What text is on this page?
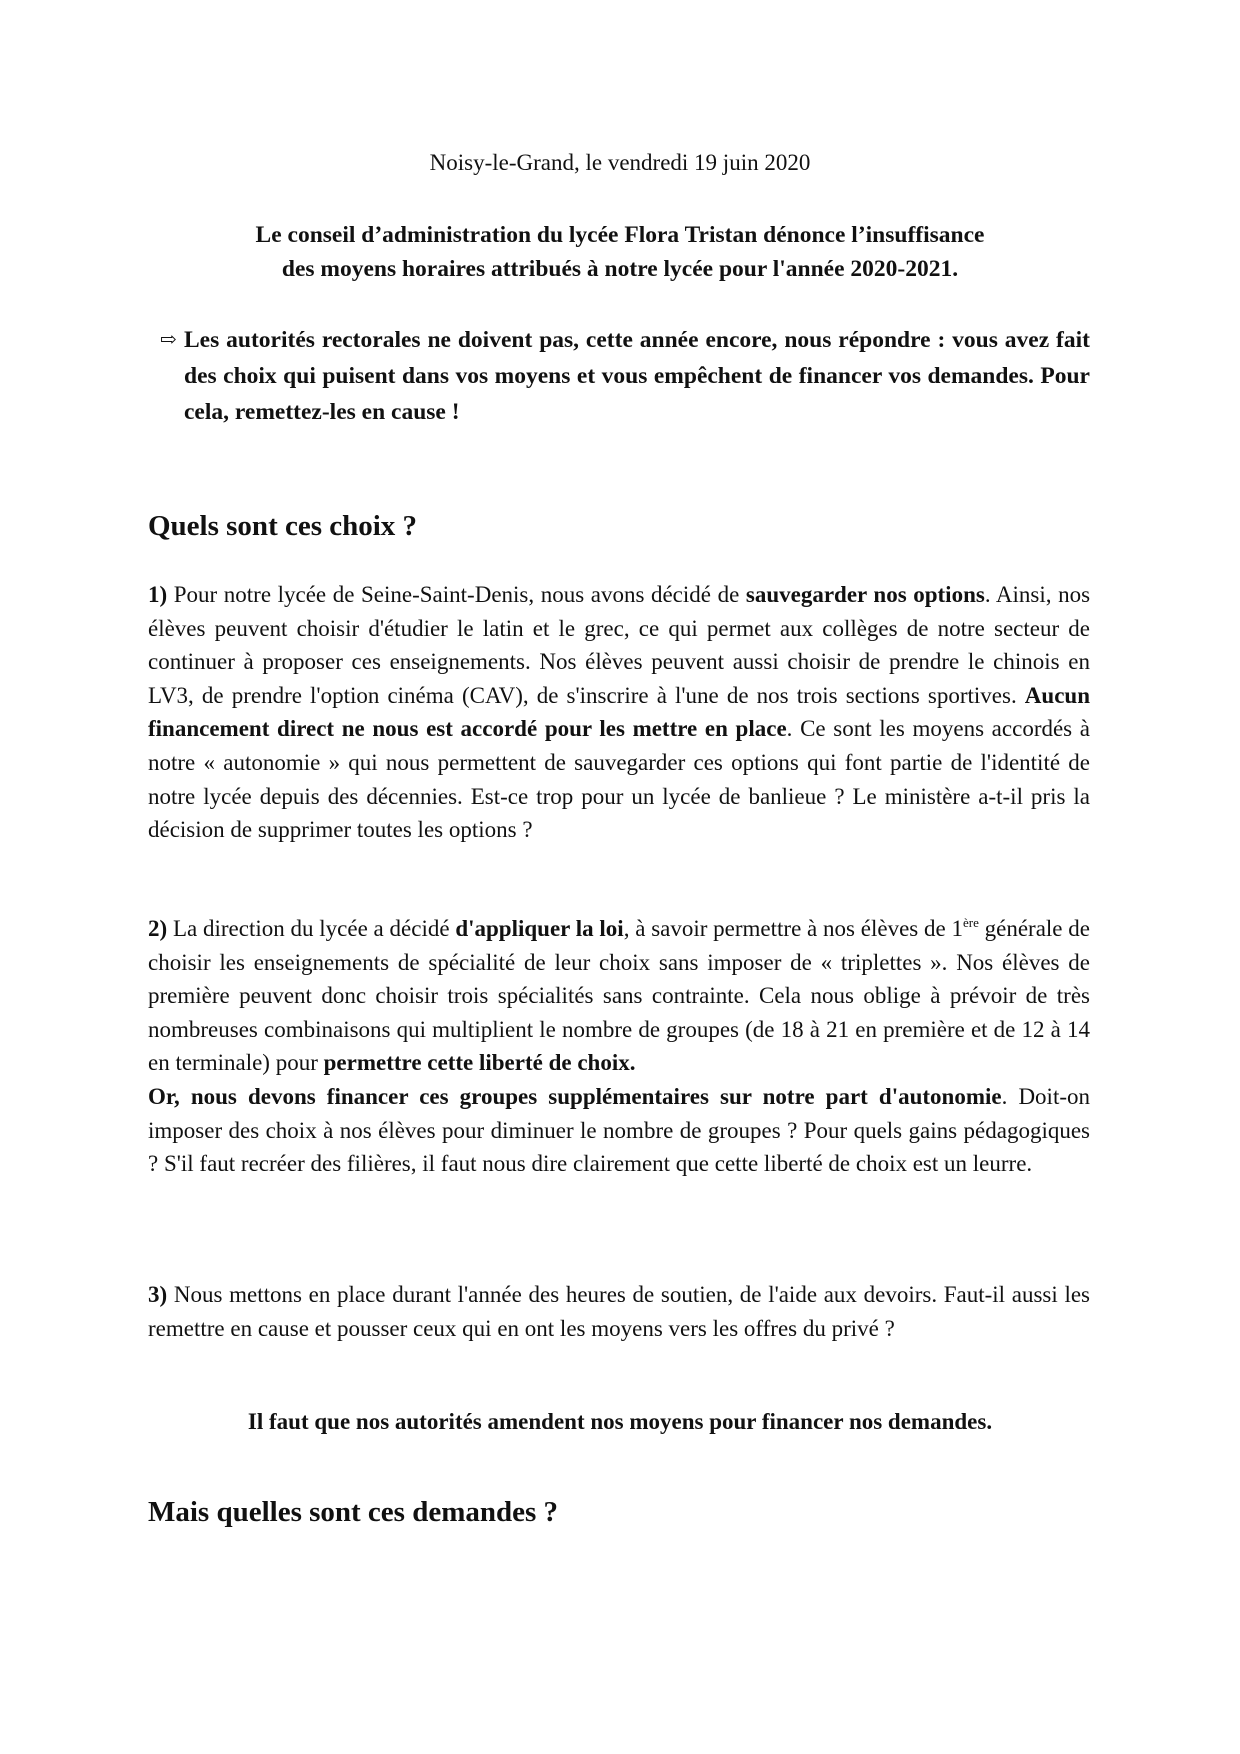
Noisy-le-Grand, le vendredi 19 juin 2020
Le conseil d’administration du lycée Flora Tristan dénonce l’insuffisance
des moyens horaires attribués à notre lycée pour l'année 2020-2021.
⇨ Les autorités rectorales ne doivent pas, cette année encore, nous répondre : vous avez fait des choix qui puisent dans vos moyens et vous empêchent de financer vos demandes. Pour cela, remettez-les en cause !
Quels sont ces choix ?
1) Pour notre lycée de Seine-Saint-Denis, nous avons décidé de sauvegarder nos options. Ainsi, nos élèves peuvent choisir d'étudier le latin et le grec, ce qui permet aux collèges de notre secteur de continuer à proposer ces enseignements. Nos élèves peuvent aussi choisir de prendre le chinois en LV3, de prendre l'option cinéma (CAV), de s'inscrire à l'une de nos trois sections sportives. Aucun financement direct ne nous est accordé pour les mettre en place. Ce sont les moyens accordés à notre « autonomie » qui nous permettent de sauvegarder ces options qui font partie de l'identité de notre lycée depuis des décennies. Est-ce trop pour un lycée de banlieue ? Le ministère a-t-il pris la décision de supprimer toutes les options ?
2) La direction du lycée a décidé d'appliquer la loi, à savoir permettre à nos élèves de 1ère générale de choisir les enseignements de spécialité de leur choix sans imposer de « triplettes ». Nos élèves de première peuvent donc choisir trois spécialités sans contrainte. Cela nous oblige à prévoir de très nombreuses combinaisons qui multiplient le nombre de groupes (de 18 à 21 en première et de 12 à 14 en terminale) pour permettre cette liberté de choix.
Or, nous devons financer ces groupes supplémentaires sur notre part d'autonomie. Doit-on imposer des choix à nos élèves pour diminuer le nombre de groupes ? Pour quels gains pédagogiques ? S'il faut recréer des filières, il faut nous dire clairement que cette liberté de choix est un leurre.
3) Nous mettons en place durant l'année des heures de soutien, de l'aide aux devoirs. Faut-il aussi les remettre en cause et pousser ceux qui en ont les moyens vers les offres du privé ?
Il faut que nos autorités amendent nos moyens pour financer nos demandes.
Mais quelles sont ces demandes ?
